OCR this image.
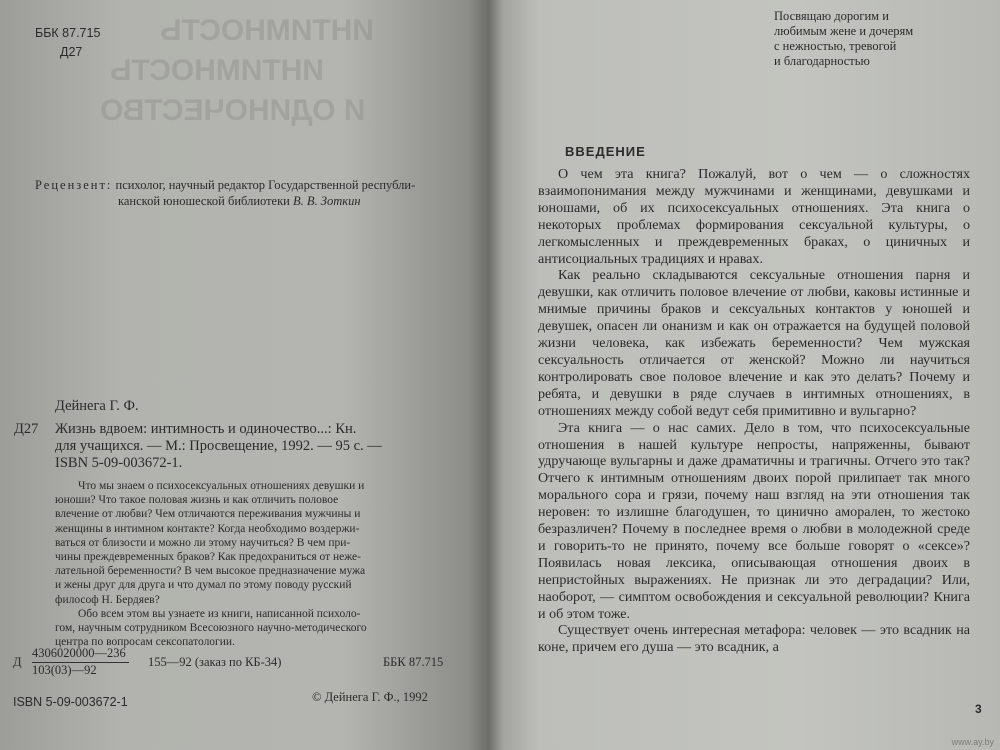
ИНТИМНОСТЬ
ИНТИМНОСТЬ
И ОДИНОЧЕСТВО
ББК 87.715
Д27
Рецензент: психолог, научный редактор Государственной республи-
канской юношеской библиотеки В. В. Зоткин
Дейнега Г. Ф.
Д27 Жизнь вдвоем: интимность и одиночество...: Кн.
для учащихся. — М.: Просвещение, 1992. — 95 с. —
ISBN 5-09-003672-1.
Что мы знаем о психосексуальных отношениях девушки и
юноши? Что такое половая жизнь и как отличить половое
влечение от любви? Чем отличаются переживания мужчины и
женщины в интимном контакте? Когда необходимо воздержи-
ваться от близости и можно ли этому научиться? В чем при-
чины преждевременных браков? Как предохраниться от неже-
лательной беременности? В чем высокое предназначение мужа
и жены друг для друга и что думал по этому поводу русский
философ Н. Бердяев?
Обо всем этом вы узнаете из книги, написанной психоло-
гом, научным сотрудником Всесоюзного научно-методического
центра по вопросам сексопатологии.
Д
4306020000—236
103(03)—92
155—92 (заказ по КБ-34)	ББК 87.715
ISBN 5-09-003672-1	© Дейнега Г. Ф., 1992
Посвящаю дорогим и
любимым жене и дочерям
с нежностью, тревогой
и благодарностью
ВВЕДЕНИЕ

О чем эта книга? Пожалуй, вот о чем — о сложностях взаимопонимания между мужчинами и женщинами, девушками и юношами, об их психосексуальных отношениях. Эта книга о некоторых проблемах формирования сексуальной культуры, о легкомысленных и преждевременных браках, о циничных и антисоциальных традициях и нравах.

Как реально складываются сексуальные отношения парня и девушки, как отличить половое влечение от любви, каковы истинные и мнимые причины браков и сексуальных контактов у юношей и девушек, опасен ли онанизм и как он отражается на будущей половой жизни человека, как избежать беременности? Чем мужская сексуальность отличается от женской? Можно ли научиться контролировать свое половое влечение и как это делать? Почему и ребята, и девушки в ряде случаев в интимных отношениях, в отношениях между собой ведут себя примитивно и вульгарно?

Эта книга — о нас самих. Дело в том, что психосексуальные отношения в нашей культуре непросты, напряженны, бывают удручающе вульгарны и даже драматичны и трагичны. Отчего это так? Отчего к интимным отношениям двоих порой прилипает так много морального сора и грязи, почему наш взгляд на эти отношения так неровен: то излишне благодушен, то цинично аморален, то жестоко безразличен? Почему в последнее время о любви в молодежной среде и говорить-то не принято, почему все больше говорят о «сексе»? Появилась новая лексика, описывающая отношения двоих в непристойных выражениях. Не признак ли это деградации? Или, наоборот, — симптом освобождения и сексуальной революции? Книга и об этом тоже.

Существует очень интересная метафора: человек — это всадник на коне, причем его душа — это всадник, а

3
www.ay.by
